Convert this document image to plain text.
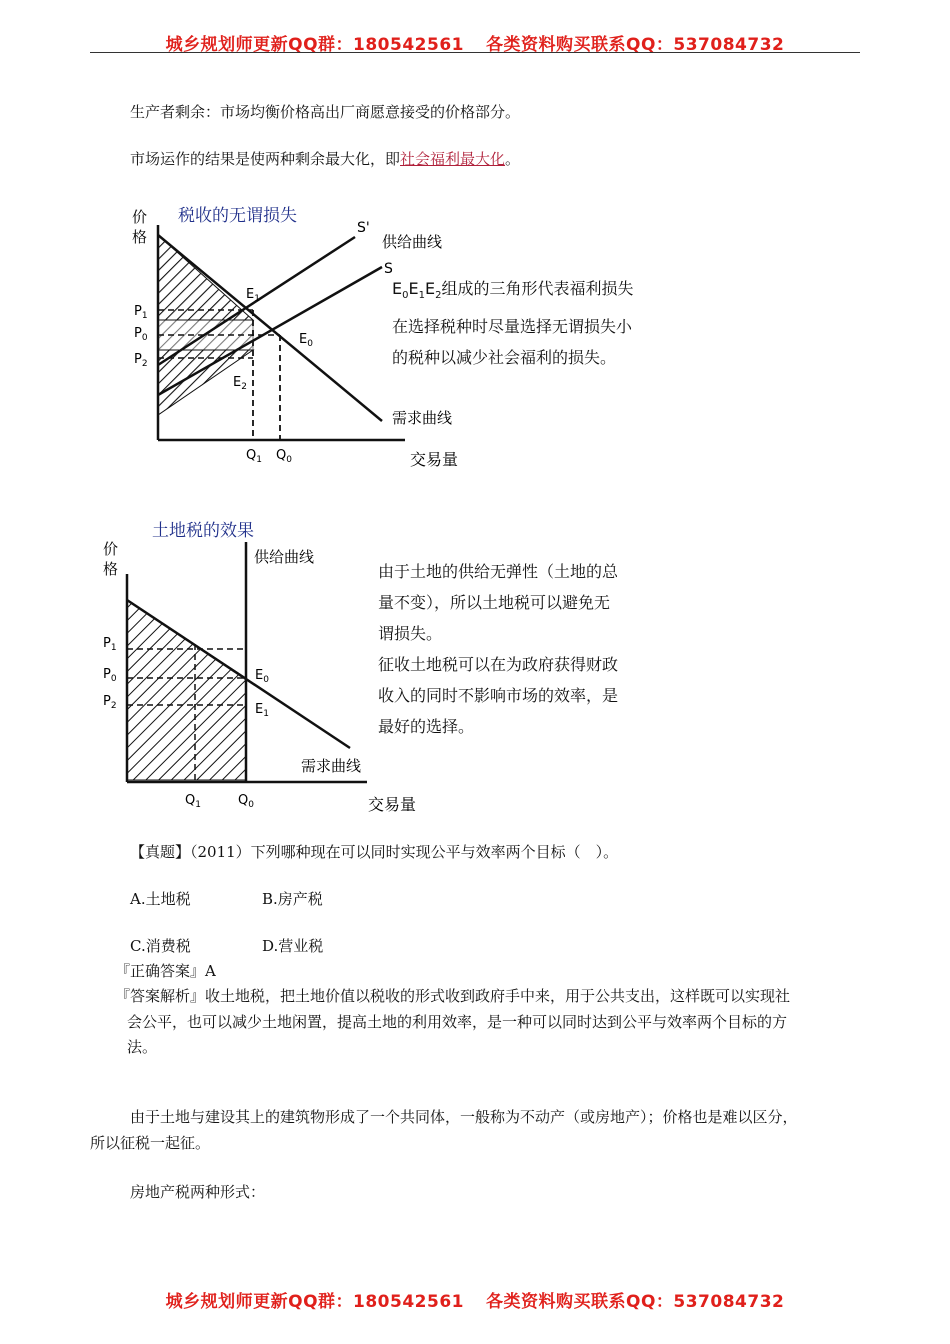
城乡规划师更新QQ群：180542561 各类资料购买联系QQ：537084732

生产者剩余：市场均衡价格高出厂商愿意接受的价格部分。

市场运作的结果是使两种剩余最大化，即社会福利最大化。

税收的无谓损失
价
格	S'
供给曲线
S
需求曲线
交易量
$P_1$
$P_0$
$P_2$
$E_1$
$E_0$
$E_2$
$Q_1$ $Q_0$
$E_0E_1E_2$组成的三角形代表福利损失
在选择税种时尽量选择无谓损失小
的税种以减少社会福利的损失。
土地税的效果
价
格
供给曲线
需求曲线
交易量
$P_1$
$P_0$
$P_2$
$E_0$
$E_1$
$Q_1$	$Q_0$
由于土地的供给无弹性（土地的总
量不变），所以土地税可以避免无
谓损失。
征收土地税可以在为政府获得财政
收入的同时不影响市场的效率，是
最好的选择。

【真题】（2011）下列哪种现在可以同时实现公平与效率两个目标（　）。

A.土地税	B.房产税
C.消费税	D.营业税

『正确答案』A

『答案解析』收土地税，把土地价值以税收的形式收到政府手中来，用于公共支出，这样既可以实现社

会公平，也可以减少土地闲置，提高土地的利用效率，是一种可以同时达到公平与效率两个目标的方

法。

由于土地与建设其上的建筑物形成了一个共同体，一般称为不动产（或房地产）；价格也是难以区分，

所以征税一起征。

房地产税两种形式：

城乡规划师更新QQ群：180542561 各类资料购买联系QQ：537084732
